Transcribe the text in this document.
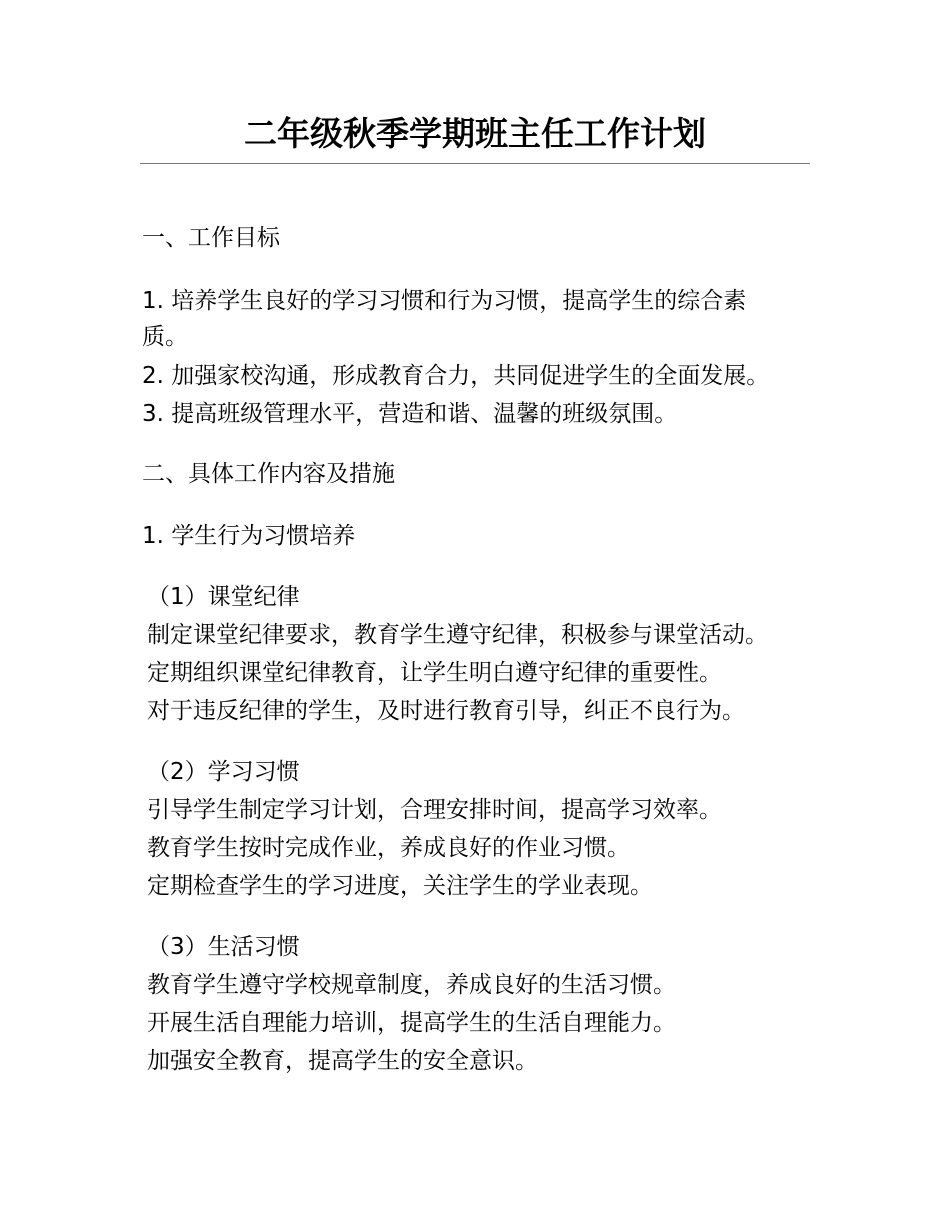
二年级秋季学期班主任工作计划
一、工作目标
1. 培养学生良好的学习习惯和行为习惯，提高学生的综合素
质。
2. 加强家校沟通，形成教育合力，共同促进学生的全面发展。
3. 提高班级管理水平，营造和谐、温馨的班级氛围。
二、具体工作内容及措施
1. 学生行为习惯培养
（1）课堂纪律
制定课堂纪律要求，教育学生遵守纪律，积极参与课堂活动。
定期组织课堂纪律教育，让学生明白遵守纪律的重要性。
对于违反纪律的学生，及时进行教育引导，纠正不良行为。
（2）学习习惯
引导学生制定学习计划，合理安排时间，提高学习效率。
教育学生按时完成作业，养成良好的作业习惯。
定期检查学生的学习进度，关注学生的学业表现。
（3）生活习惯
教育学生遵守学校规章制度，养成良好的生活习惯。
开展生活自理能力培训，提高学生的生活自理能力。
加强安全教育，提高学生的安全意识。
